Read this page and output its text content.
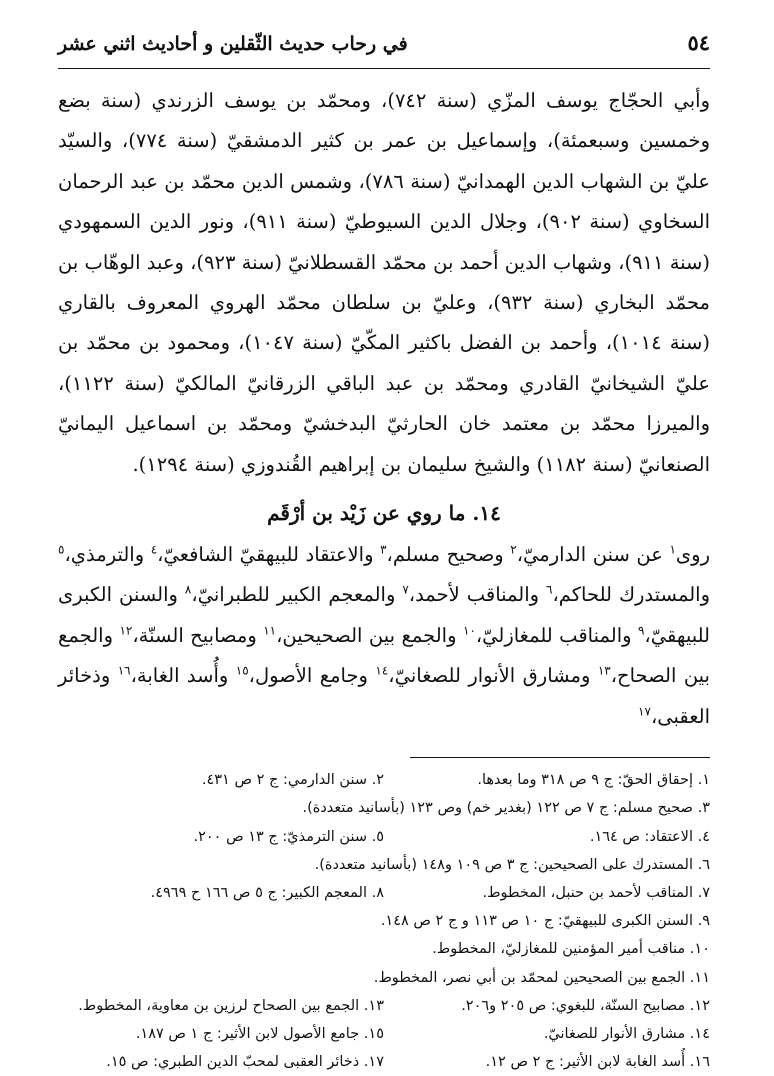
٥٤
في رحاب حديث الثّقلين و أحاديث اثني عشر

وأبي الحجّاج يوسف المزّي (سنة ٧٤٢)، ومحمّد بن يوسف الزرندي (سنة بضع وخمسين وسبعمئة)، وإسماعيل بن عمر بن كثير الدمشقيّ (سنة ٧٧٤)، والسيّد عليّ بن الشهاب الدين الهمدانيّ (سنة ٧٨٦)، وشمس الدين محمّد بن عبد الرحمان السخاوي (سنة ٩٠٢)، وجلال الدين السيوطيّ (سنة ٩١١)، ونور الدين السمهودي (سنة ٩١١)، وشهاب الدين أحمد بن محمّد القسطلانيّ (سنة ٩٢٣)، وعبد الوهّاب بن محمّد البخاري (سنة ٩٣٢)، وعليّ بن سلطان محمّد الهروي المعروف بالقاري (سنة ١٠١٤)، وأحمد بن الفضل باكثير المكّيّ (سنة ١٠٤٧)، ومحمود بن محمّد بن عليّ الشيخانيّ القادري ومحمّد بن عبد الباقي الزرقانيّ المالكيّ (سنة ١١٢٢)، والميرزا محمّد بن معتمد خان الحارثيّ البدخشيّ ومحمّد بن اسماعيل اليمانيّ الصنعانيّ (سنة ١١٨٢) والشيخ سليمان بن إبراهيم القُندوزي (سنة ١٢٩٤).

١٤. ما روي عن زَيْد بن أرْقَم

روى$^١$ عن سنن الدارميّ،$^٢$ وصحيح مسلم،$^٣$ والاعتقاد للبيهقيّ الشافعيّ،$^٤$ والترمذي،$^٥$ والمستدرك للحاكم،$^٦$ والمناقب لأحمد،$^٧$ والمعجم الكبير للطبرانيّ،$^٨$ والسنن الكبرى للبيهقيّ،$^٩$ والمناقب للمغازليّ،$^{١٠}$ والجمع بين الصحيحين،$^{١١}$ ومصابيح السنّة،$^{١٢}$ والجمع بين الصحاح،$^{١٣}$ ومشارق الأنوار للصغانيّ،$^{١٤}$ وجامع الأصول،$^{١٥}$ وأُسد الغابة،$^{١٦}$ وذخائر العقبى،$^{١٧}$

١. إحقاق الحقّ: ج ٩ ص ٣١٨ وما بعدها.
٢. سنن الدارمي: ج ٢ ص ٤٣١.
٣. صحيح مسلم: ج ٧ ص ١٢٢ (بغدير خم) وص ١٢٣ (بأسانيد متعددة).
٤. الاعتقاد: ص ١٦٤.
٥. سنن الترمذيّ: ج ١٣ ص ٢٠٠.
٦. المستدرك على الصحيحين: ج ٣ ص ١٠٩ و١٤٨ (بأسانيد متعددة).
٧. المناقب لأحمد بن حنبل، المخطوط.
٨. المعجم الكبير: ج ٥ ص ١٦٦ ح ٤٩٦٩.
٩. السنن الكبرى للبيهقيّ: ج ١٠ ص ١١٣ و ج ٢ ص ١٤٨.
١٠. مناقب أمير المؤمنين للمغازليّ، المخطوط.
١١. الجمع بين الصحيحين لمحمّد بن أبي نصر، المخطوط.
١٢. مصابيح السنّة، للبغوي: ص ٢٠٥ و٢٠٦.
١٣. الجمع بين الصحاح لرزين بن معاوية، المخطوط.
١٤. مشارق الأنوار للصغانيّ.
١٥. جامع الأصول لابن الأثير: ج ١ ص ١٨٧.
١٦. أُسد الغابة لابن الأثير: ج ٢ ص ١٢.
١٧. ذخائر العقبى لمحبّ الدين الطبري: ص ١٥.
